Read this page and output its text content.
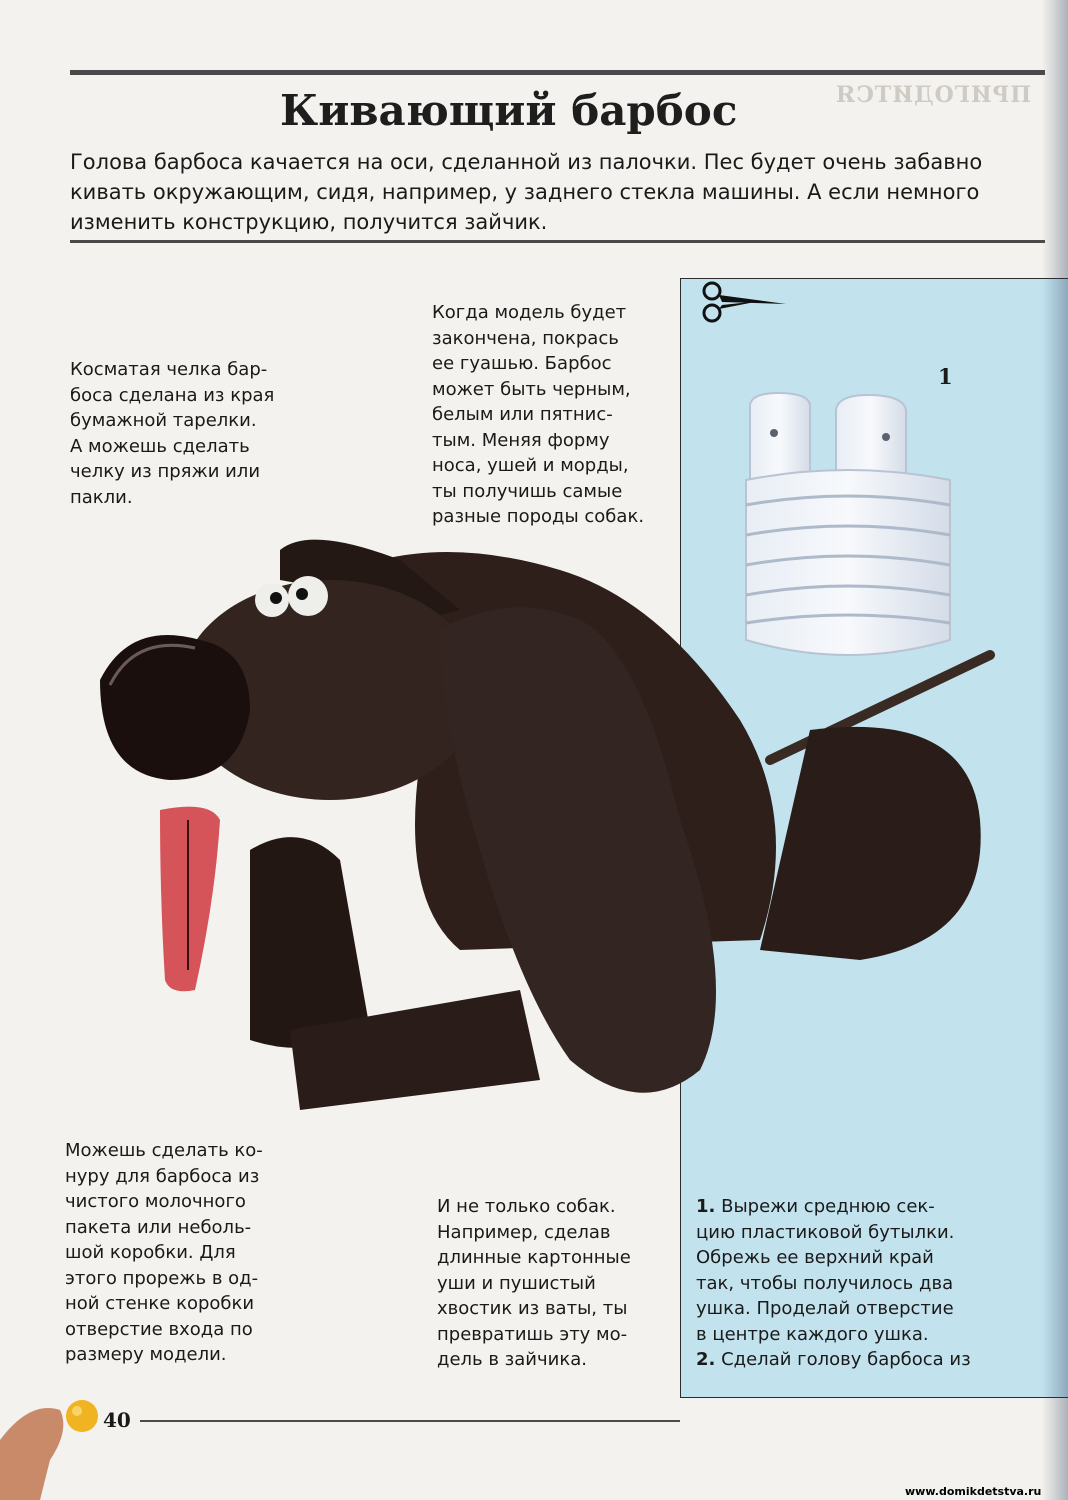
ПРИГОДИТСЯ
Кивающий барбос
Голова барбоса качается на оси, сделанной из палочки. Пес будет очень забавно
кивать окружающим, сидя, например, у заднего стекла машины. А если немного
изменить конструкцию, получится зайчик.
1
1. Вырежи среднюю сек-
цию пластиковой бутылки.
Обрежь ее верхний край
так, чтобы получилось два
ушка. Проделай отверстие
в центре каждого ушка.
2. Сделай голову барбоса из
Косматая челка бар-
боса сделана из края
бумажной тарелки.
А можешь сделать
челку из пряжи или
пакли.
Когда модель будет
закончена, покрась
ее гуашью. Барбос
может быть черным,
белым или пятнис-
тым. Меняя форму
носа, ушей и морды,
ты получишь самые
разные породы собак.
Можешь сделать ко-
нуру для барбоса из
чистого молочного
пакета или неболь-
шой коробки. Для
этого прорежь в од-
ной стенке коробки
отверстие входа по
размеру модели.
И не только собак.
Например, сделав
длинные картонные
уши и пушистый
хвостик из ваты, ты
превратишь эту мо-
дель в зайчика.
40
www.domikdetstva.ru
